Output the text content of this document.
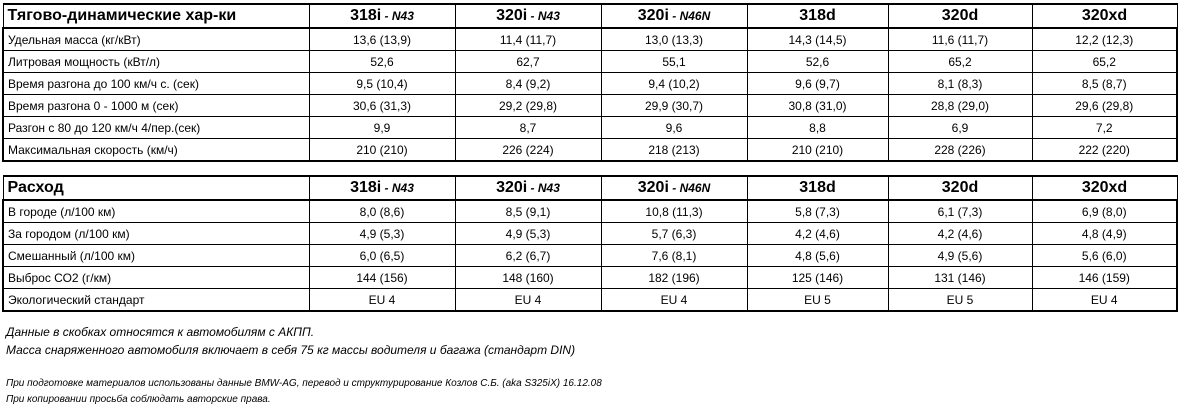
Тягово-динамические хар-ки	318i - N43	320i - N43	320i - N46N	318d	320d	320xd
Удельная масса (кг/кВт)	13,6 (13,9)	11,4 (11,7)	13,0 (13,3)	14,3 (14,5)	11,6 (11,7)	12,2 (12,3)
Литровая мощность (кВт/л)	52,6	62,7	55,1	52,6	65,2	65,2
Время разгона до 100 км/ч с. (сек)	9,5 (10,4)	8,4 (9,2)	9,4 (10,2)	9,6 (9,7)	8,1 (8,3)	8,5 (8,7)
Время разгона 0 - 1000 м (сек)	30,6 (31,3)	29,2 (29,8)	29,9 (30,7)	30,8 (31,0)	28,8 (29,0)	29,6 (29,8)
Разгон с 80 до 120 км/ч 4/пер.(сек)	9,9	8,7	9,6	8,8	6,9	7,2
Максимальная скорость (км/ч)	210 (210)	226 (224)	218 (213)	210 (210)	228 (226)	222 (220)
Расход	318i - N43	320i - N43	320i - N46N	318d	320d	320xd
В городе (л/100 км)	8,0 (8,6)	8,5 (9,1)	10,8 (11,3)	5,8 (7,3)	6,1 (7,3)	6,9 (8,0)
За городом (л/100 км)	4,9 (5,3)	4,9 (5,3)	5,7 (6,3)	4,2 (4,6)	4,2 (4,6)	4,8 (4,9)
Смешанный (л/100 км)	6,0 (6,5)	6,2 (6,7)	7,6 (8,1)	4,8 (5,6)	4,9 (5,6)	5,6 (6,0)
Выброс СО2 (г/км)	144 (156)	148 (160)	182 (196)	125 (146)	131 (146)	146 (159)
Экологический стандарт	EU 4	EU 4	EU 4	EU 5	EU 5	EU 4
Данные в скобках относятся к автомобилям с АКПП.
Масса снаряженного автомобиля включает в себя 75 кг массы водителя и багажа (стандарт DIN)
При подготовке материалов использованы данные BMW-AG, перевод и структурирование Козлов С.Б. (aka S325iX) 16.12.08
При копировании просьба соблюдать авторские права.
